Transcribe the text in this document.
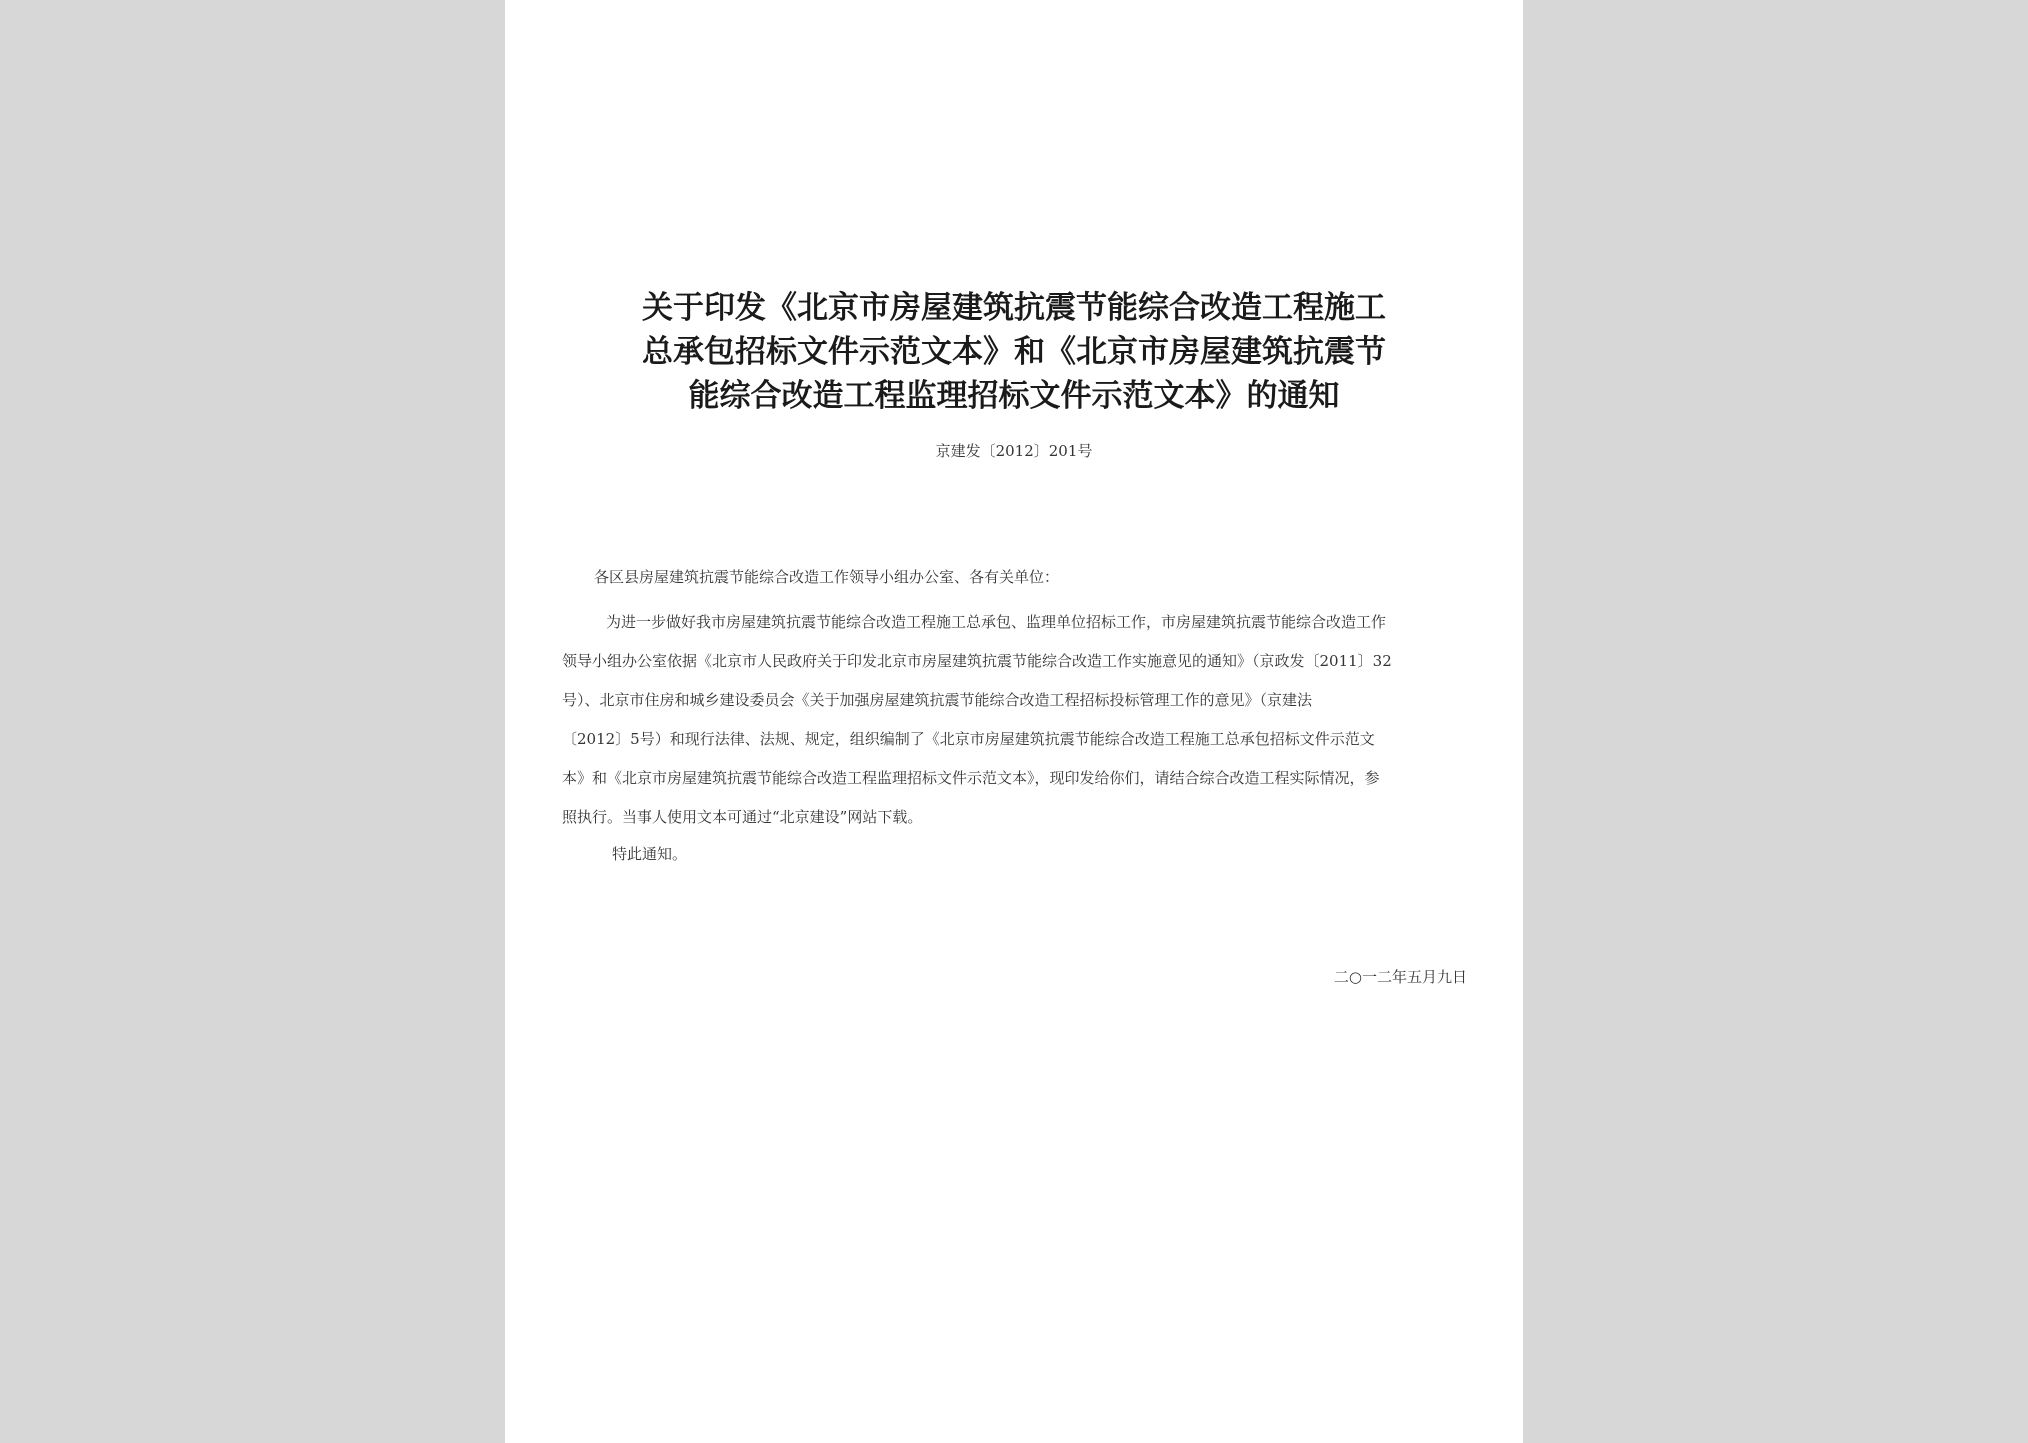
关于印发《北京市房屋建筑抗震节能综合改造工程施工
总承包招标文件示范文本》和《北京市房屋建筑抗震节
能综合改造工程监理招标文件示范文本》的通知
京建发〔2012〕201号
各区县房屋建筑抗震节能综合改造工作领导小组办公室、各有关单位：
为进一步做好我市房屋建筑抗震节能综合改造工程施工总承包、监理单位招标工作，市房屋建筑抗震节能综合改造工作
领导小组办公室依据《北京市人民政府关于印发北京市房屋建筑抗震节能综合改造工作实施意见的通知》（京政发〔2011〕32
号）、北京市住房和城乡建设委员会《关于加强房屋建筑抗震节能综合改造工程招标投标管理工作的意见》（京建法
〔2012〕5号）和现行法律、法规、规定，组织编制了《北京市房屋建筑抗震节能综合改造工程施工总承包招标文件示范文
本》和《北京市房屋建筑抗震节能综合改造工程监理招标文件示范文本》，现印发给你们，请结合综合改造工程实际情况，参
照执行。当事人使用文本可通过“北京建设”网站下载。
特此通知。
二○一二年五月九日
